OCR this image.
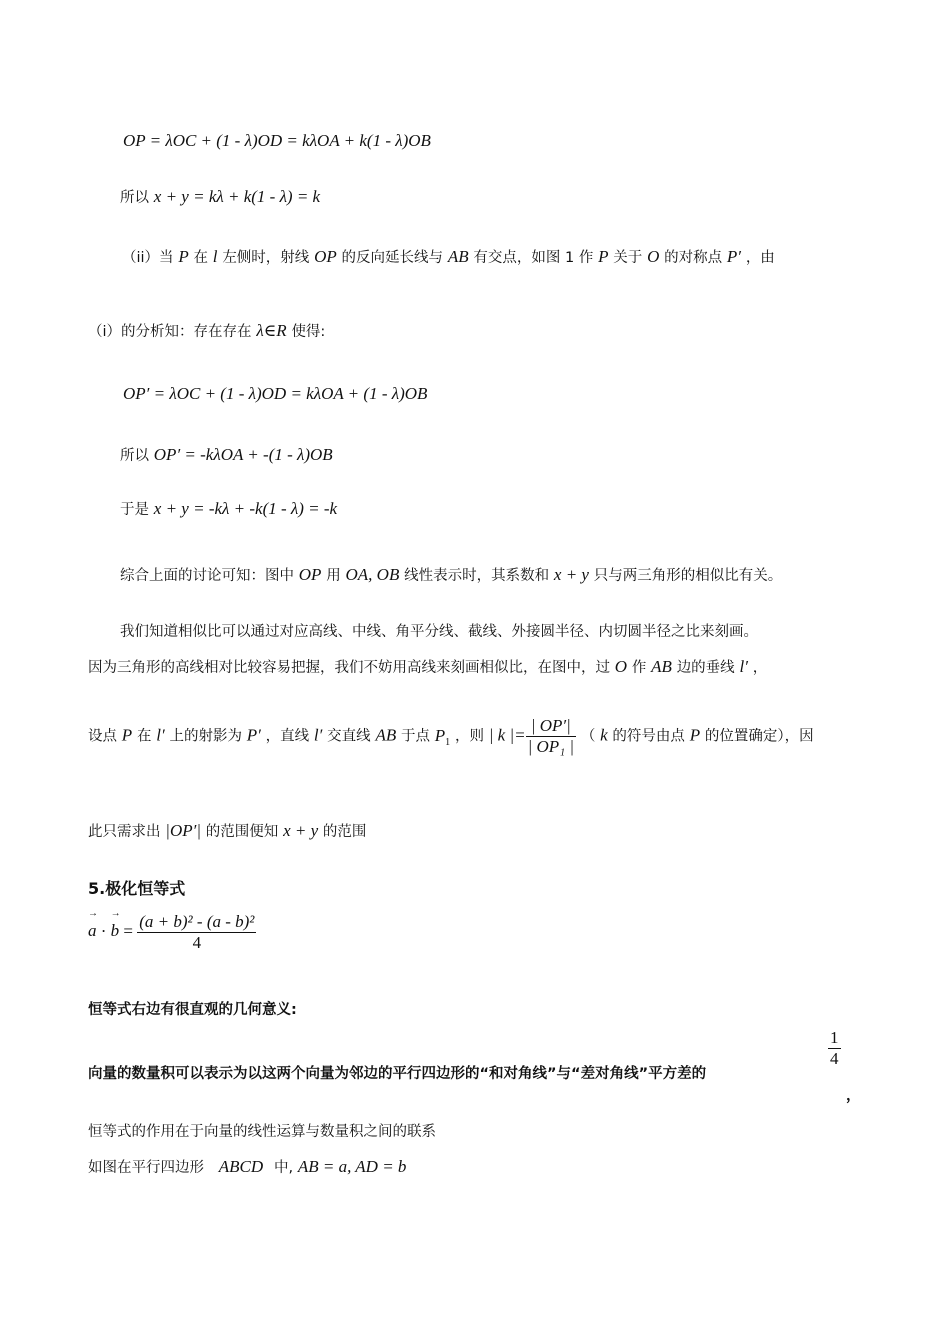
OP = λOC + (1 - λ)OD = kλOA + k(1 - λ)OB
所以 x + y = kλ + k(1 - λ) = k
（ii）当 P 在 l 左侧时，射线 OP 的反向延长线与 AB 有交点，如图 1 作 P 关于 O 的对称点 P′ ，由
（i）的分析知：存在存在 λ∈R 使得:
OP′ = λOC + (1 - λ)OD = kλOA + (1 - λ)OB
所以 OP′ = -kλOA + -(1 - λ)OB
于是 x + y = -kλ + -k(1 - λ) = -k
综合上面的讨论可知：图中 OP 用 OA, OB 线性表示时，其系数和 x + y 只与两三角形的相似比有关。
我们知道相似比可以通过对应高线、中线、角平分线、截线、外接圆半径、内切圆半径之比来刻画。
因为三角形的高线相对比较容易把握，我们不妨用高线来刻画相似比，在图中，过 O 作 AB 边的垂线 l′ ，
设点 P 在 l′ 上的射影为 P′ ，直线 l′ 交直线 AB 于点 $P_1$ ，则 | k |= $\frac{| OP'|}{\text{| OP₁ |}}$ （ k 的符号由点 P 的位置确定），因
此只需求出 |OP′| 的范围便知 x + y 的范围
5.极化恒等式
→ a · → $b = \frac{\text{(a + b)² - (a - b)²}}{4}$
恒等式右边有很直观的几何意义:
向量的数量积可以表示为以这两个向量为邻边的平行四边形的“和对角线”与“差对角线”平方差的
$\frac{1}{4}$
，
恒等式的作用在于向量的线性运算与数量积之间的联系
如图在平行四边形 ABCD 中, AB = a, AD = b
